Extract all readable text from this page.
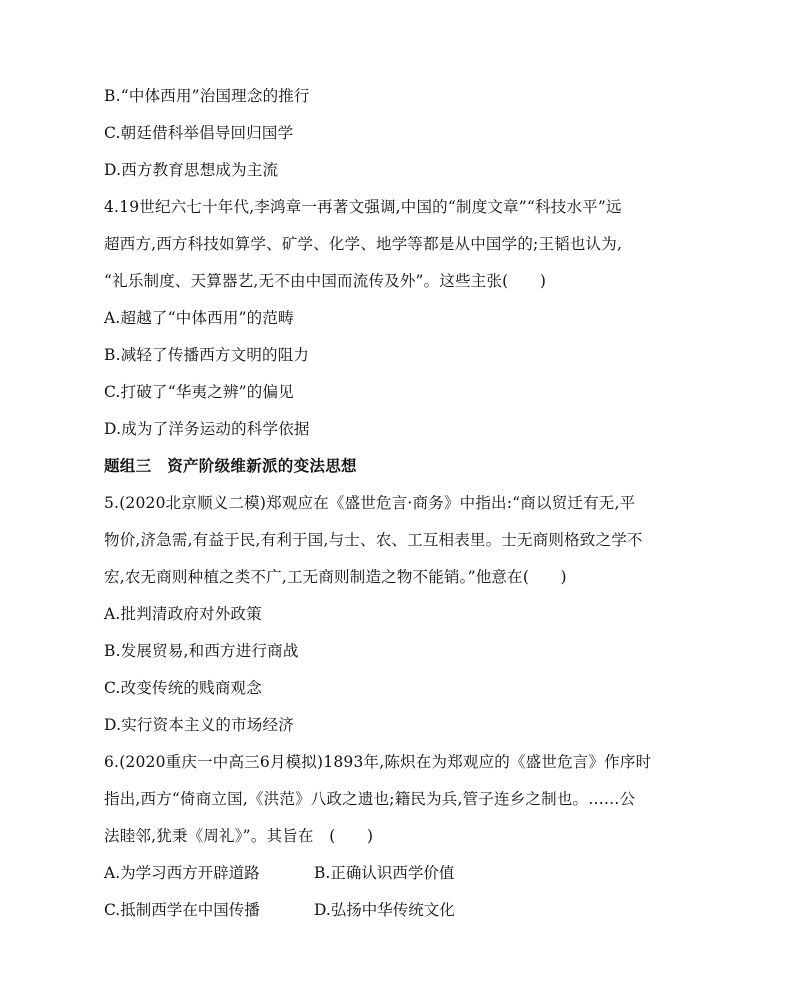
B.“中体西用”治国理念的推行
C.朝廷借科举倡导回归国学
D.西方教育思想成为主流
4.19世纪六七十年代,李鸿章一再著文强调,中国的“制度文章”“科技水平”远
超西方,西方科技如算学、矿学、化学、地学等都是从中国学的;王韬也认为,
“礼乐制度、天算器艺,无不由中国而流传及外”。这些主张(　　)
A.超越了“中体西用”的范畴
B.减轻了传播西方文明的阻力
C.打破了“华夷之辨”的偏见
D.成为了洋务运动的科学依据
题组三　资产阶级维新派的变法思想
5.(2020北京顺义二模)郑观应在《盛世危言·商务》中指出:“商以贸迁有无,平
物价,济急需,有益于民,有利于国,与士、农、工互相表里。士无商则格致之学不
宏,农无商则种植之类不广,工无商则制造之物不能销。”他意在(　　)
A.批判清政府对外政策
B.发展贸易,和西方进行商战
C.改变传统的贱商观念
D.实行资本主义的市场经济
6.(2020重庆一中高三6月模拟)1893年,陈炽在为郑观应的《盛世危言》作序时
指出,西方“倚商立国,《洪范》八政之遗也;籍民为兵,管子连乡之制也。……公
法睦邻,犹秉《周礼》”。其旨在　(　　)
A.为学习西方开辟道路	B.正确认识西学价值
C.抵制西学在中国传播	D.弘扬中华传统文化
